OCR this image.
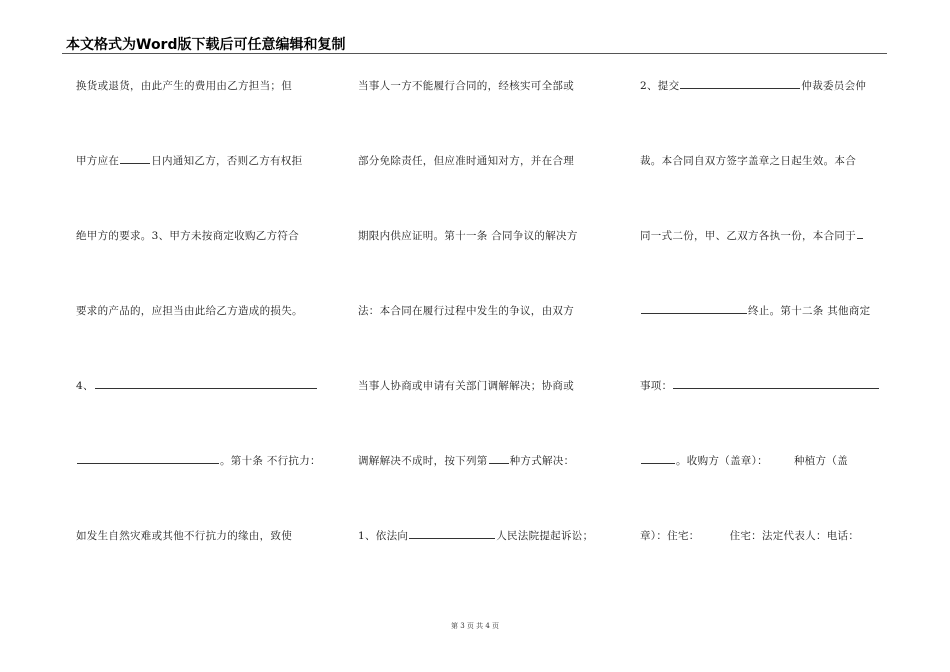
本文格式为Word版下载后可任意编辑和复制
换货或退货，由此产生的费用由乙方担当；但
甲方应在	日内通知乙方，否则乙方有权拒
绝甲方的要求。3、甲方未按商定收购乙方符合
要求的产品的，应担当由此给乙方造成的损失。
4、
。第十条 不行抗力：
如发生自然灾难或其他不行抗力的缘由，致使
当事人一方不能履行合同的，经核实可全部或
部分免除责任，但应准时通知对方，并在合理
期限内供应证明。第十一条 合同争议的解决方
法：本合同在履行过程中发生的争议，由双方
当事人协商或申请有关部门调解解决；协商或
调解解决不成时，按下列第 种方式解决：
1、依法向	人民法院提起诉讼；
2、提交	仲裁委员会仲
裁。本合同自双方签字盖章之日起生效。本合
同一式二份，甲、乙双方各执一份，本合同于
终止。第十二条 其他商定
事项：
。收购方（盖章）： 种植方（盖
章）：住宅：	住宅：法定代表人：电话：
第 3 页 共 4 页
